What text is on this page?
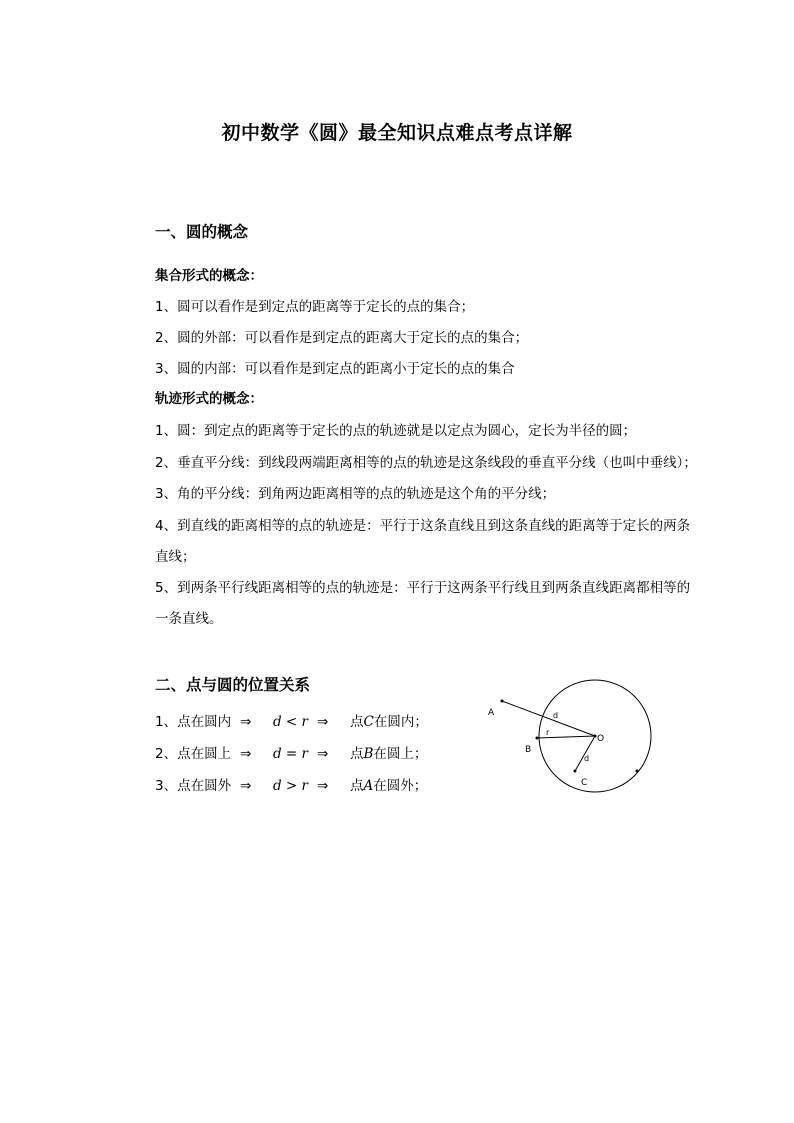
初中数学《圆》最全知识点难点考点详解
一、圆的概念
集合形式的概念：
1、圆可以看作是到定点的距离等于定长的点的集合；
2、圆的外部：可以看作是到定点的距离大于定长的点的集合；
3、圆的内部：可以看作是到定点的距离小于定长的点的集合
轨迹形式的概念：
1、圆：到定点的距离等于定长的点的轨迹就是以定点为圆心，定长为半径的圆；
2、垂直平分线：到线段两端距离相等的点的轨迹是这条线段的垂直平分线（也叫中垂线）；
3、角的平分线：到角两边距离相等的点的轨迹是这个角的平分线；
4、到直线的距离相等的点的轨迹是：平行于这条直线且到这条直线的距离等于定长的两条
直线；
5、到两条平行线距离相等的点的轨迹是：平行于这两条平行线且到两条直线距离都相等的
一条直线。
二、点与圆的位置关系
1、点在圆内 ⇒ d < r ⇒ 点C在圆内；
2、点在圆上 ⇒ d = r ⇒ 点B在圆上；
3、点在圆外 ⇒ d > r ⇒ 点A在圆外；
A
B
C
O
d
r
d
